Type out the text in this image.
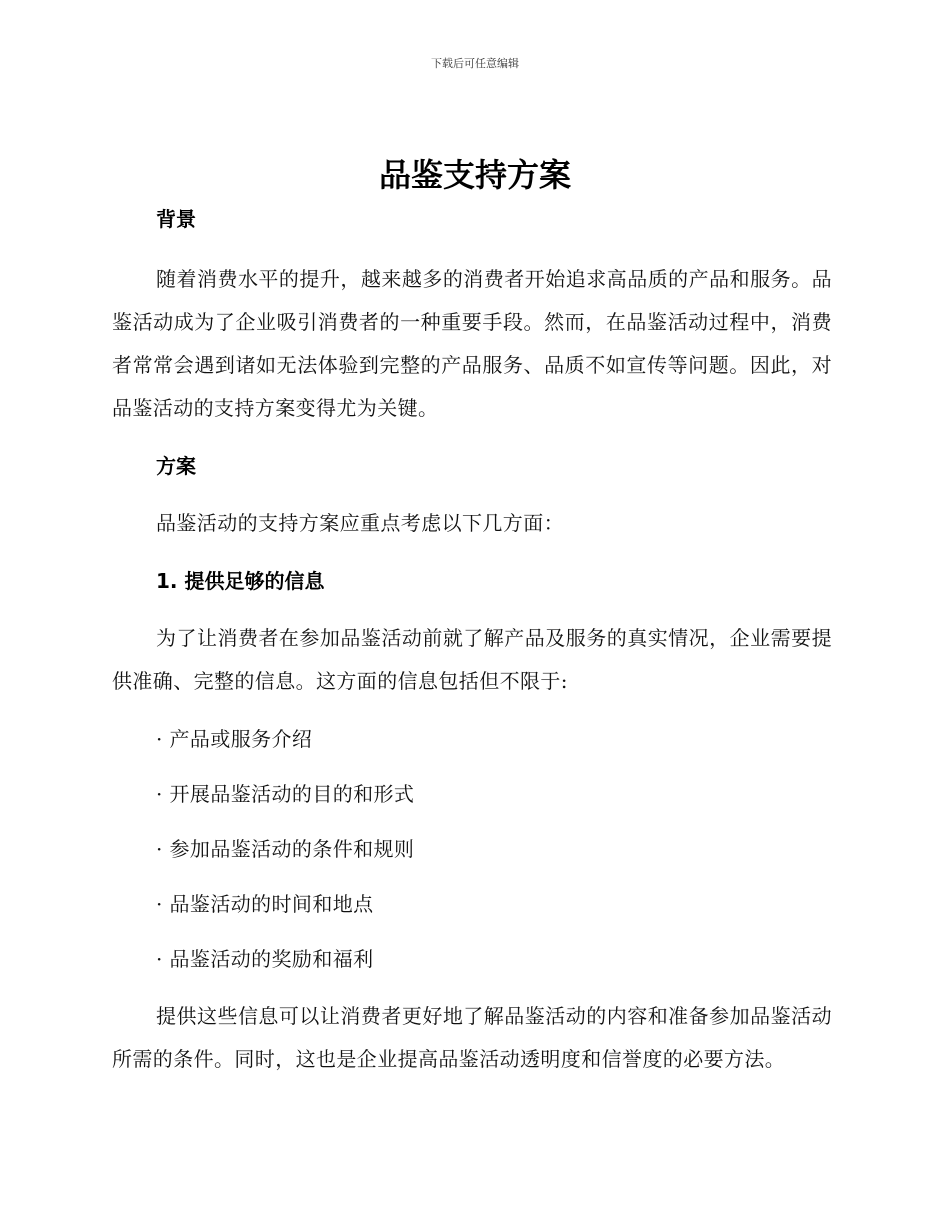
下载后可任意编辑
品鉴支持方案

背景

随着消费水平的提升，越来越多的消费者开始追求高品质的产品和服务。品鉴活动成为了企业吸引消费者的一种重要手段。然而，在品鉴活动过程中，消费者常常会遇到诸如无法体验到完整的产品服务、品质不如宣传等问题。因此，对品鉴活动的支持方案变得尤为关键。

方案

品鉴活动的支持方案应重点考虑以下几方面：

1. 提供足够的信息

为了让消费者在参加品鉴活动前就了解产品及服务的真实情况，企业需要提供准确、完整的信息。这方面的信息包括但不限于:

· 产品或服务介绍

· 开展品鉴活动的目的和形式

· 参加品鉴活动的条件和规则

· 品鉴活动的时间和地点

· 品鉴活动的奖励和福利

提供这些信息可以让消费者更好地了解品鉴活动的内容和准备参加品鉴活动所需的条件。同时，这也是企业提高品鉴活动透明度和信誉度的必要方法。
